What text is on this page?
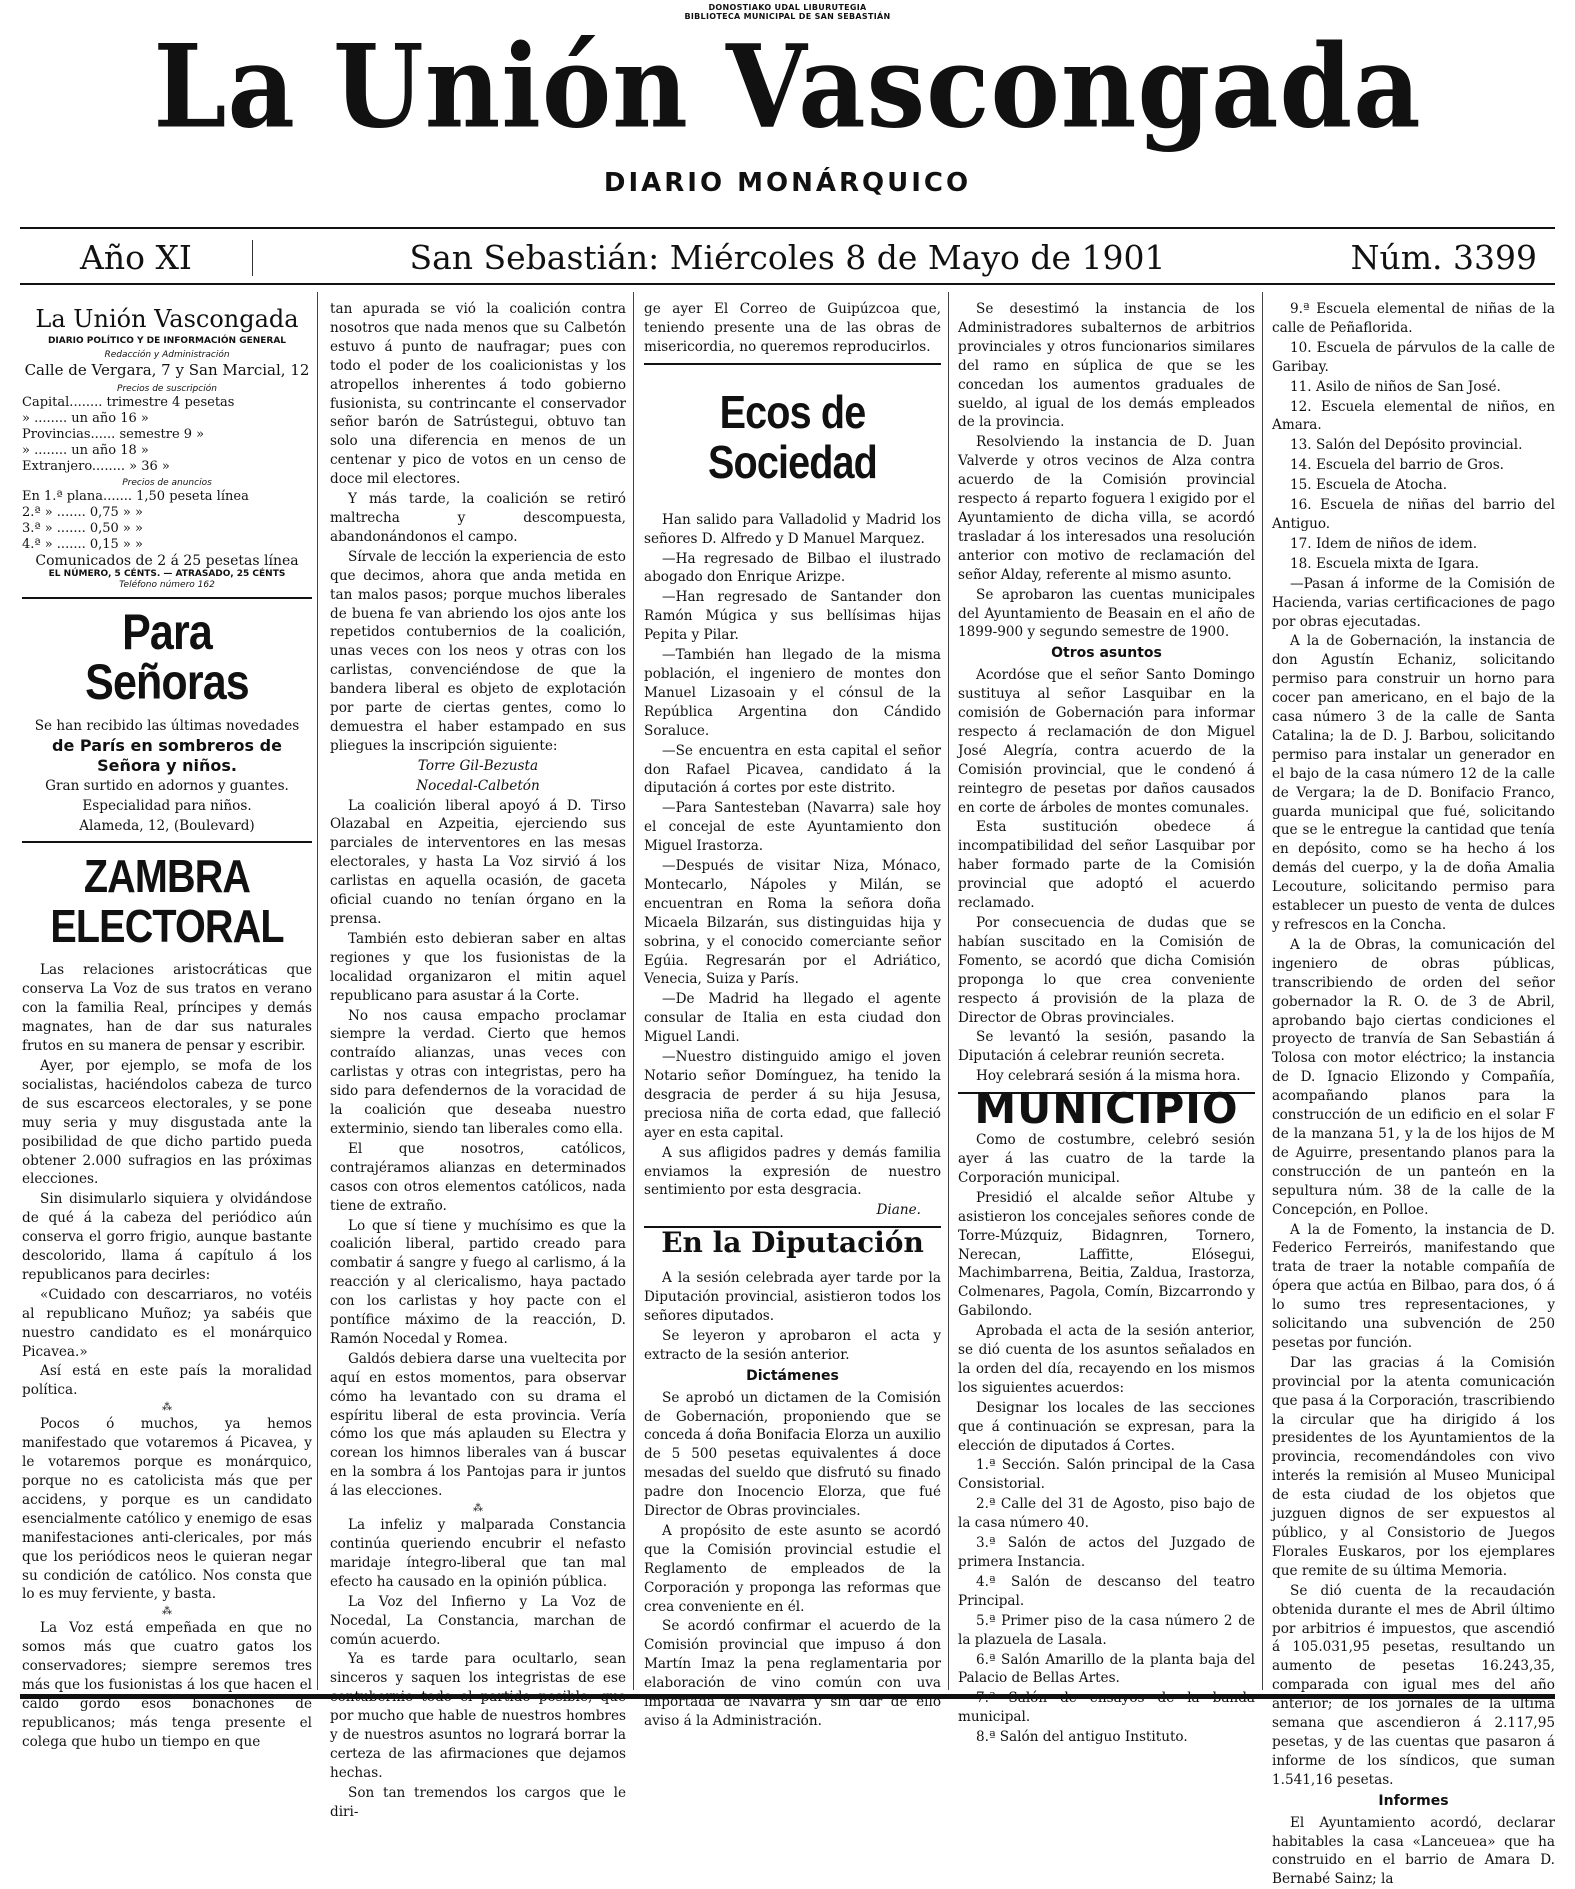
DONOSTIAKO UDAL LIBURUTEGIA
BIBLIOTECA MUNICIPAL DE SAN SEBASTIÁN
La Unión Vascongada
DIARIO MONÁRQUICO
Año XI	San Sebastián: Miércoles 8 de Mayo de 1901	Núm. 3399
La Unión Vascongada
DIARIO POLÍTICO Y DE INFORMACIÓN GENERAL
Redacción y Administración
Calle de Vergara, 7 y San Marcial, 12
Precios de suscripción
Capital........ trimestre 4 pesetas
» ........ un año 16 »
Provincias...... semestre 9 »
» ........ un año 18 »
Extranjero........ » 36 »
Precios de anuncios
En 1.ª plana....... 1,50 peseta línea
2.ª » ....... 0,75 » »
3.ª » ....... 0,50 » »
4.ª » ....... 0,15 » »
Comunicados de 2 á 25 pesetas línea
EL NÚMERO, 5 CÉNTS. — ATRASADO, 25 CÉNTS
Teléfono número 162
Para Señoras

Se han recibido las últimas novedades

de París en sombreros de

Señora y niños.

Gran surtido en adornos y guantes.

Especialidad para niños.

Alameda, 12, (Boulevard)

ZAMBRA ELECTORAL

Las relaciones aristocráticas que conserva La Voz de sus tratos en verano con la familia Real, príncipes y demás magnates, han de dar sus naturales frutos en su manera de pensar y escribir.

Ayer, por ejemplo, se mofa de los socialistas, haciéndolos cabeza de turco de sus escarceos electorales, y se pone muy seria y muy disgustada ante la posibilidad de que dicho partido pueda obtener 2.000 sufragios en las próximas elecciones.

Sin disimularlo siquiera y olvidándose de qué á la cabeza del periódico aún conserva el gorro frigio, aunque bastante descolorido, llama á capítulo á los republicanos para decirles:

«Cuidado con descarriaros, no votéis al republicano Muñoz; ya sabéis que nuestro candidato es el monárquico Picavea.»

Así está en este país la moralidad política.

⁂

Pocos ó muchos, ya hemos manifestado que votaremos á Picavea, y le votaremos porque es monárquico, porque no es catolicista más que per accidens, y porque es un candidato esencialmente católico y enemigo de esas manifestaciones anti-clericales, por más que los periódicos neos le quieran negar su condición de católico. Nos consta que lo es muy ferviente, y basta.

⁂

La Voz está empeñada en que no somos más que cuatro gatos los conservadores; siempre seremos tres más que los fusionistas á los que hacen el caldo gordo esos bonachones de republicanos; más tenga presente el colega que hubo un tiempo en que

tan apurada se vió la coalición contra nosotros que nada menos que su Calbetón estuvo á punto de naufragar; pues con todo el poder de los coalicionistas y los atropellos inherentes á todo gobierno fusionista, su contrincante el conservador señor barón de Satrústegui, obtuvo tan solo una diferencia en menos de un centenar y pico de votos en un censo de doce mil electores.

Y más tarde, la coalición se retiró maltrecha y descompuesta, abandonándonos el campo.

Sírvale de lección la experiencia de esto que decimos, ahora que anda metida en tan malos pasos; porque muchos liberales de buena fe van abriendo los ojos ante los repetidos contubernios de la coalición, unas veces con los neos y otras con los carlistas, convenciéndose de que la bandera liberal es objeto de explotación por parte de ciertas gentes, como lo demuestra el haber estampado en sus pliegues la inscripción siguiente:

Torre Gil-Bezusta

Nocedal-Calbetón

La coalición liberal apoyó á D. Tirso Olazabal en Azpeitia, ejerciendo sus parciales de interventores en las mesas electorales, y hasta La Voz sirvió á los carlistas en aquella ocasión, de gaceta oficial cuando no tenían órgano en la prensa.

También esto debieran saber en altas regiones y que los fusionistas de la localidad organizaron el mitin aquel republicano para asustar á la Corte.

No nos causa empacho proclamar siempre la verdad. Cierto que hemos contraído alianzas, unas veces con carlistas y otras con integristas, pero ha sido para defendernos de la voracidad de la coalición que deseaba nuestro exterminio, siendo tan liberales como ella.

El que nosotros, católicos, contrajéramos alianzas en determinados casos con otros elementos católicos, nada tiene de extraño.

Lo que sí tiene y muchísimo es que la coalición liberal, partido creado para combatir á sangre y fuego al carlismo, á la reacción y al clericalismo, haya pactado con los carlistas y hoy pacte con el pontífice máximo de la reacción, D. Ramón Nocedal y Romea.

Galdós debiera darse una vueltecita por aquí en estos momentos, para observar cómo ha levantado con su drama el espíritu liberal de esta provincia. Vería cómo los que más aplauden su Electra y corean los himnos liberales van á buscar en la sombra á los Pantojas para ir juntos á las elecciones.

⁂

La infeliz y malparada Constancia continúa queriendo encubrir el nefasto maridaje íntegro-liberal que tan mal efecto ha causado en la opinión pública.

La Voz del Infierno y La Voz de Nocedal, La Constancia, marchan de común acuerdo.

Ya es tarde para ocultarlo, sean sinceros y saquen los integristas de ese contubernio todo el partido posible, que por mucho que hable de nuestros hombres y de nuestros asuntos no logrará borrar la certeza de las afirmaciones que dejamos hechas.

Son tan tremendos los cargos que le diri-

ge ayer El Correo de Guipúzcoa que, teniendo presente una de las obras de misericordia, no queremos reproducirlos.

Ecos de Sociedad

Han salido para Valladolid y Madrid los señores D. Alfredo y D Manuel Marquez.

—Ha regresado de Bilbao el ilustrado abogado don Enrique Arizpe.

—Han regresado de Santander don Ramón Múgica y sus bellísimas hijas Pepita y Pilar.

—También han llegado de la misma población, el ingeniero de montes don Manuel Lizasoain y el cónsul de la República Argentina don Cándido Soraluce.

—Se encuentra en esta capital el señor don Rafael Picavea, candidato á la diputación á cortes por este distrito.

—Para Santesteban (Navarra) sale hoy el concejal de este Ayuntamiento don Miguel Irastorza.

—Después de visitar Niza, Mónaco, Montecarlo, Nápoles y Milán, se encuentran en Roma la señora doña Micaela Bilzarán, sus distinguidas hija y sobrina, y el conocido comerciante señor Egúia. Regresarán por el Adriático, Venecia, Suiza y París.

—De Madrid ha llegado el agente consular de Italia en esta ciudad don Miguel Landi.

—Nuestro distinguido amigo el joven Notario señor Domínguez, ha tenido la desgracia de perder á su hija Jesusa, preciosa niña de corta edad, que falleció ayer en esta capital.

A sus afligidos padres y demás familia enviamos la expresión de nuestro sentimiento por esta desgracia.

Diane.
En la Diputación

A la sesión celebrada ayer tarde por la Diputación provincial, asistieron todos los señores diputados.

Se leyeron y aprobaron el acta y extracto de la sesión anterior.

Dictámenes

Se aprobó un dictamen de la Comisión de Gobernación, proponiendo que se conceda á doña Bonifacia Elorza un auxilio de 5 500 pesetas equivalentes á doce mesadas del sueldo que disfrutó su finado padre don Inocencio Elorza, que fué Director de Obras provinciales.

A propósito de este asunto se acordó que la Comisión provincial estudie el Reglamento de empleados de la Corporación y proponga las reformas que crea conveniente en él.

Se acordó confirmar el acuerdo de la Comisión provincial que impuso á don Martín Imaz la pena reglamentaria por elaboración de vino común con uva importada de Navarra y sin dar de ello aviso á la Administración.

Se desestimó la instancia de los Administradores subalternos de arbitrios provinciales y otros funcionarios similares del ramo en súplica de que se les concedan los aumentos graduales de sueldo, al igual de los demás empleados de la provincia.

Resolviendo la instancia de D. Juan Valverde y otros vecinos de Alza contra acuerdo de la Comisión provincial respecto á reparto foguera l exigido por el Ayuntamiento de dicha villa, se acordó trasladar á los interesados una resolución anterior con motivo de reclamación del señor Alday, referente al mismo asunto.

Se aprobaron las cuentas municipales del Ayuntamiento de Beasain en el año de 1899-900 y segundo semestre de 1900.

Otros asuntos

Acordóse que el señor Santo Domingo sustituya al señor Lasquibar en la comisión de Gobernación para informar respecto á reclamación de don Miguel José Alegría, contra acuerdo de la Comisión provincial, que le condenó á reintegro de pesetas por daños causados en corte de árboles de montes comunales.

Esta sustitución obedece á incompatibilidad del señor Lasquibar por haber formado parte de la Comisión provincial que adoptó el acuerdo reclamado.

Por consecuencia de dudas que se habían suscitado en la Comisión de Fomento, se acordó que dicha Comisión proponga lo que crea conveniente respecto á provisión de la plaza de Director de Obras provinciales.

Se levantó la sesión, pasando la Diputación á celebrar reunión secreta.

Hoy celebrará sesión á la misma hora.

MUNICIPIO

Como de costumbre, celebró sesión ayer á las cuatro de la tarde la Corporación municipal.

Presidió el alcalde señor Altube y asistieron los concejales señores conde de Torre-Múzquiz, Bidagnren, Tornero, Nerecan, Laffitte, Elósegui, Machimbarrena, Beitia, Zaldua, Irastorza, Colmenares, Pagola, Comín, Bizcarrondo y Gabilondo.

Aprobada el acta de la sesión anterior, se dió cuenta de los asuntos señalados en la orden del día, recayendo en los mismos los siguientes acuerdos:

Designar los locales de las secciones que á continuación se expresan, para la elección de diputados á Cortes.

1.ª Sección. Salón principal de la Casa Consistorial.

2.ª Calle del 31 de Agosto, piso bajo de la casa número 40.

3.ª Salón de actos del Juzgado de primera Instancia.

4.ª Salón de descanso del teatro Principal.

5.ª Primer piso de la casa número 2 de la plazuela de Lasala.

6.ª Salón Amarillo de la planta baja del Palacio de Bellas Artes.

7.ª Salón de ensayos de la banda municipal.

8.ª Salón del antiguo Instituto.

9.ª Escuela elemental de niñas de la calle de Peñaflorida.

10. Escuela de párvulos de la calle de Garibay.

11. Asilo de niños de San José.

12. Escuela elemental de niños, en Amara.

13. Salón del Depósito provincial.

14. Escuela del barrio de Gros.

15. Escuela de Atocha.

16. Escuela de niñas del barrio del Antiguo.

17. Idem de niños de idem.

18. Escuela mixta de Igara.

—Pasan á informe de la Comisión de Hacienda, varias certificaciones de pago por obras ejecutadas.

A la de Gobernación, la instancia de don Agustín Echaniz, solicitando permiso para construir un horno para cocer pan americano, en el bajo de la casa número 3 de la calle de Santa Catalina; la de D. J. Barbou, solicitando permiso para instalar un generador en el bajo de la casa número 12 de la calle de Vergara; la de D. Bonifacio Franco, guarda municipal que fué, solicitando que se le entregue la cantidad que tenía en depósito, como se ha hecho á los demás del cuerpo, y la de doña Amalia Lecouture, solicitando permiso para establecer un puesto de venta de dulces y refrescos en la Concha.

A la de Obras, la comunicación del ingeniero de obras públicas, transcribiendo de orden del señor gobernador la R. O. de 3 de Abril, aprobando bajo ciertas condiciones el proyecto de tranvía de San Sebastián á Tolosa con motor eléctrico; la instancia de D. Ignacio Elizondo y Compañía, acompañando planos para la construcción de un edificio en el solar F de la manzana 51, y la de los hijos de M de Aguirre, presentando planos para la construcción de un panteón en la sepultura núm. 38 de la calle de la Concepción, en Polloe.

A la de Fomento, la instancia de D. Federico Ferreirós, manifestando que trata de traer la notable compañía de ópera que actúa en Bilbao, para dos, ó á lo sumo tres representaciones, y solicitando una subvención de 250 pesetas por función.

Dar las gracias á la Comisión provincial por la atenta comunicación que pasa á la Corporación, trascribiendo la circular que ha dirigido á los presidentes de los Ayuntamientos de la provincia, recomendándoles con vivo interés la remisión al Museo Municipal de esta ciudad de los objetos que juzguen dignos de ser expuestos al público, y al Consistorio de Juegos Florales Euskaros, por los ejemplares que remite de su última Memoria.

Se dió cuenta de la recaudación obtenida durante el mes de Abril último por arbitrios é impuestos, que ascendió á 105.031,95 pesetas, resultando un aumento de pesetas 16.243,35, comparada con igual mes del año anterior; de los jornales de la última semana que ascendieron á 2.117,95 pesetas, y de las cuentas que pasaron á informe de los síndicos, que suman 1.541,16 pesetas.

Informes

El Ayuntamiento acordó, declarar habitables la casa «Lanceuea» que ha construido en el barrio de Amara D. Bernabé Sainz; la
